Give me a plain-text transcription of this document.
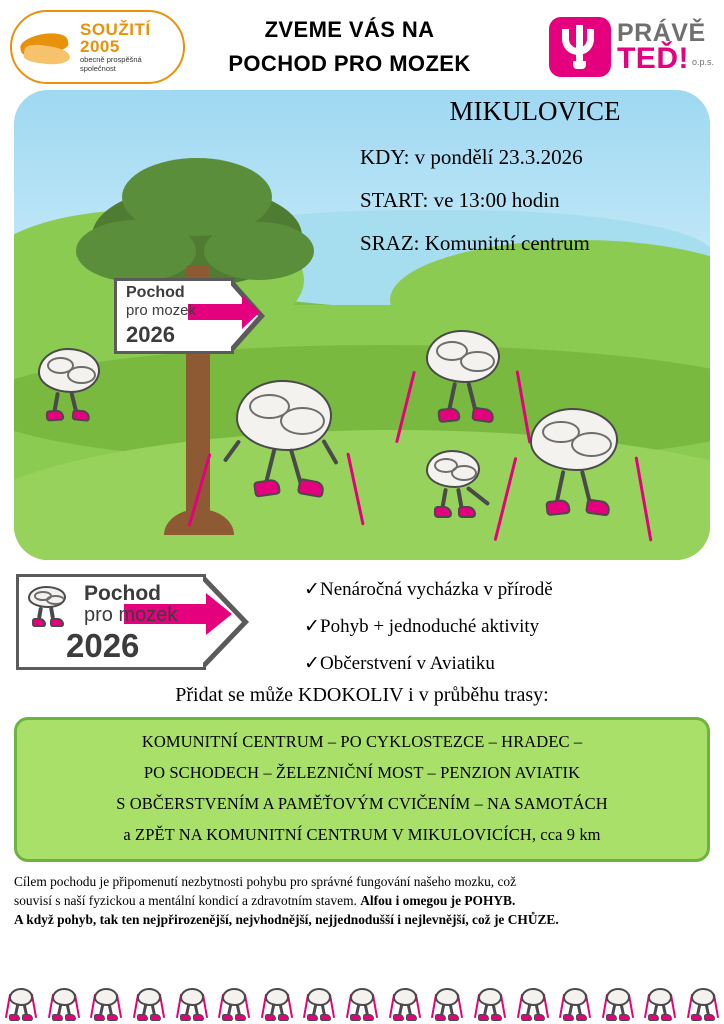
SOUŽITÍ
2005
obecně prospěšná
společnost
ZVEME VÁS NA
POCHOD PRO MOZEK
PRÁVĚ
TEĎ! o.p.s.
Pochod
pro mozek
2026
MIKULOVICE
KDY: v pondělí 23.3.2026
START: ve 13:00 hodin
SRAZ: Komunitní centrum
Pochod
pro mozek
2026
✓Nenáročná vycházka v přírodě
✓Pohyb + jednoduché aktivity
✓Občerstvení v Aviatiku
Přidat se může KDOKOLIV i v průběhu trasy:
KOMUNITNÍ CENTRUM – PO CYKLOSTEZCE – HRADEC –
PO SCHODECH – ŽELEZNIČNÍ MOST – PENZION AVIATIK
S OBČERSTVENÍM A PAMĚŤOVÝM CVIČENÍM – NA SAMOTÁCH
a ZPĚT NA KOMUNITNÍ CENTRUM V MIKULOVICÍCH, cca 9 km
Cílem pochodu je připomenutí nezbytnosti pohybu pro správné fungování našeho mozku, což
souvisí s naší fyzickou a mentální kondicí a zdravotním stavem. Alfou i omegou je POHYB.
A když pohyb, tak ten nejpřirozenější, nejvhodnější, nejjednodušší i nejlevnější, což je CHŮZE.
